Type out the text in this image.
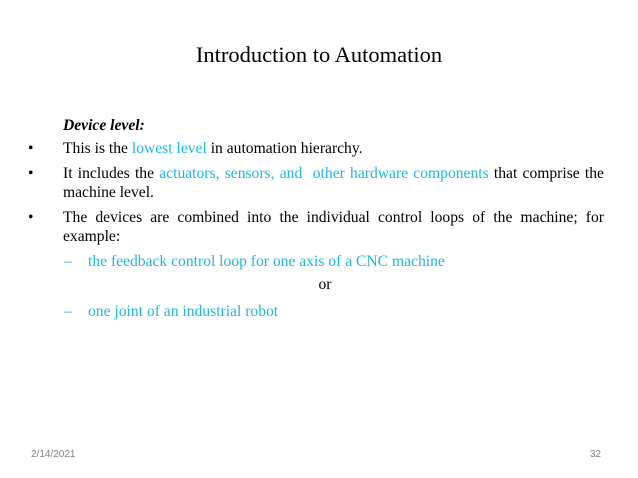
Introduction to Automation
Device level:
• This is the lowest level in automation hierarchy.
• It includes the actuators, sensors, and  other hardware components that comprise the machine level.
• The devices are combined into the individual control loops of the machine; for example:
– the feedback control loop for one axis of a CNC machine
or
– one joint of an industrial robot
2/14/2021	32
